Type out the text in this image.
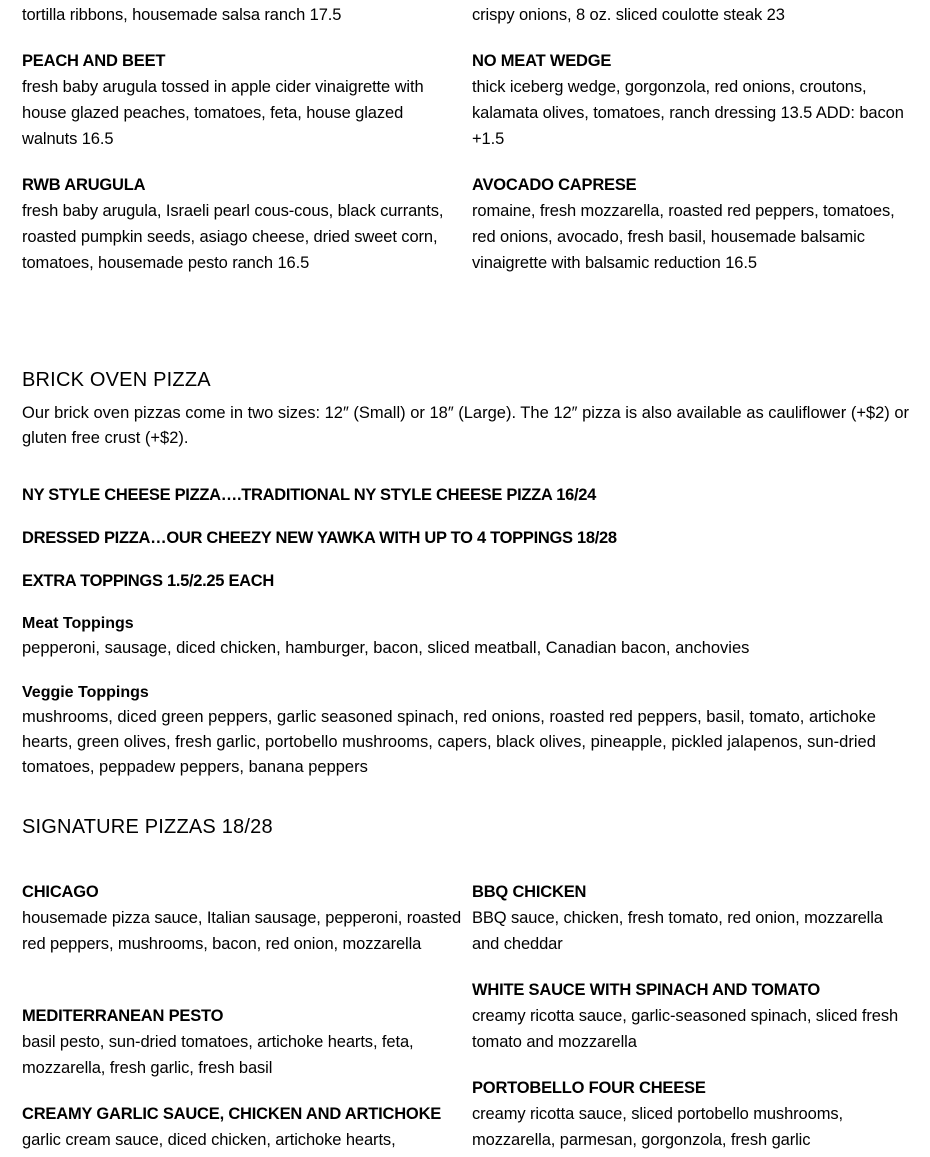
tortilla ribbons, housemade salsa ranch 17.5	crispy onions, 8 oz. sliced coulotte steak 23
PEACH AND BEET
fresh baby arugula tossed in apple cider vinaigrette with house glazed peaches, tomatoes, feta, house glazed walnuts 16.5
NO MEAT WEDGE
thick iceberg wedge, gorgonzola, red onions, croutons, kalamata olives, tomatoes, ranch dressing 13.5 ADD: bacon +1.5
RWB ARUGULA
fresh baby arugula, Israeli pearl cous-cous, black currants, roasted pumpkin seeds, asiago cheese, dried sweet corn, tomatoes, housemade pesto ranch 16.5
AVOCADO CAPRESE
romaine, fresh mozzarella, roasted red peppers, tomatoes, red onions, avocado, fresh basil, housemade balsamic vinaigrette with balsamic reduction 16.5
BRICK OVEN PIZZA
Our brick oven pizzas come in two sizes: 12″ (Small) or 18″ (Large). The 12″ pizza is also available as cauliflower (+$2) or gluten free crust (+$2).
NY STYLE CHEESE PIZZA….TRADITIONAL NY STYLE CHEESE PIZZA 16/24
DRESSED PIZZA…OUR CHEEZY NEW YAWKA WITH UP TO 4 TOPPINGS 18/28
EXTRA TOPPINGS 1.5/2.25 EACH
Meat Toppings
pepperoni, sausage, diced chicken, hamburger, bacon, sliced meatball, Canadian bacon, anchovies
Veggie Toppings
mushrooms, diced green peppers, garlic seasoned spinach, red onions, roasted red peppers, basil, tomato, artichoke hearts, green olives, fresh garlic, portobello mushrooms, capers, black olives, pineapple, pickled jalapenos, sun-dried tomatoes, peppadew peppers, banana peppers
SIGNATURE PIZZAS 18/28
CHICAGO
housemade pizza sauce, Italian sausage, pepperoni, roasted red peppers, mushrooms, bacon, red onion, mozzarella
BBQ CHICKEN
BBQ sauce, chicken, fresh tomato, red onion, mozzarella and cheddar
MEDITERRANEAN PESTO
basil pesto, sun-dried tomatoes, artichoke hearts, feta, mozzarella, fresh garlic, fresh basil
WHITE SAUCE WITH SPINACH AND TOMATO
creamy ricotta sauce, garlic-seasoned spinach, sliced fresh tomato and mozzarella
CREAMY GARLIC SAUCE, CHICKEN AND ARTICHOKE
garlic cream sauce, diced chicken, artichoke hearts,
PORTOBELLO FOUR CHEESE
creamy ricotta sauce, sliced portobello mushrooms, mozzarella, parmesan, gorgonzola, fresh garlic
